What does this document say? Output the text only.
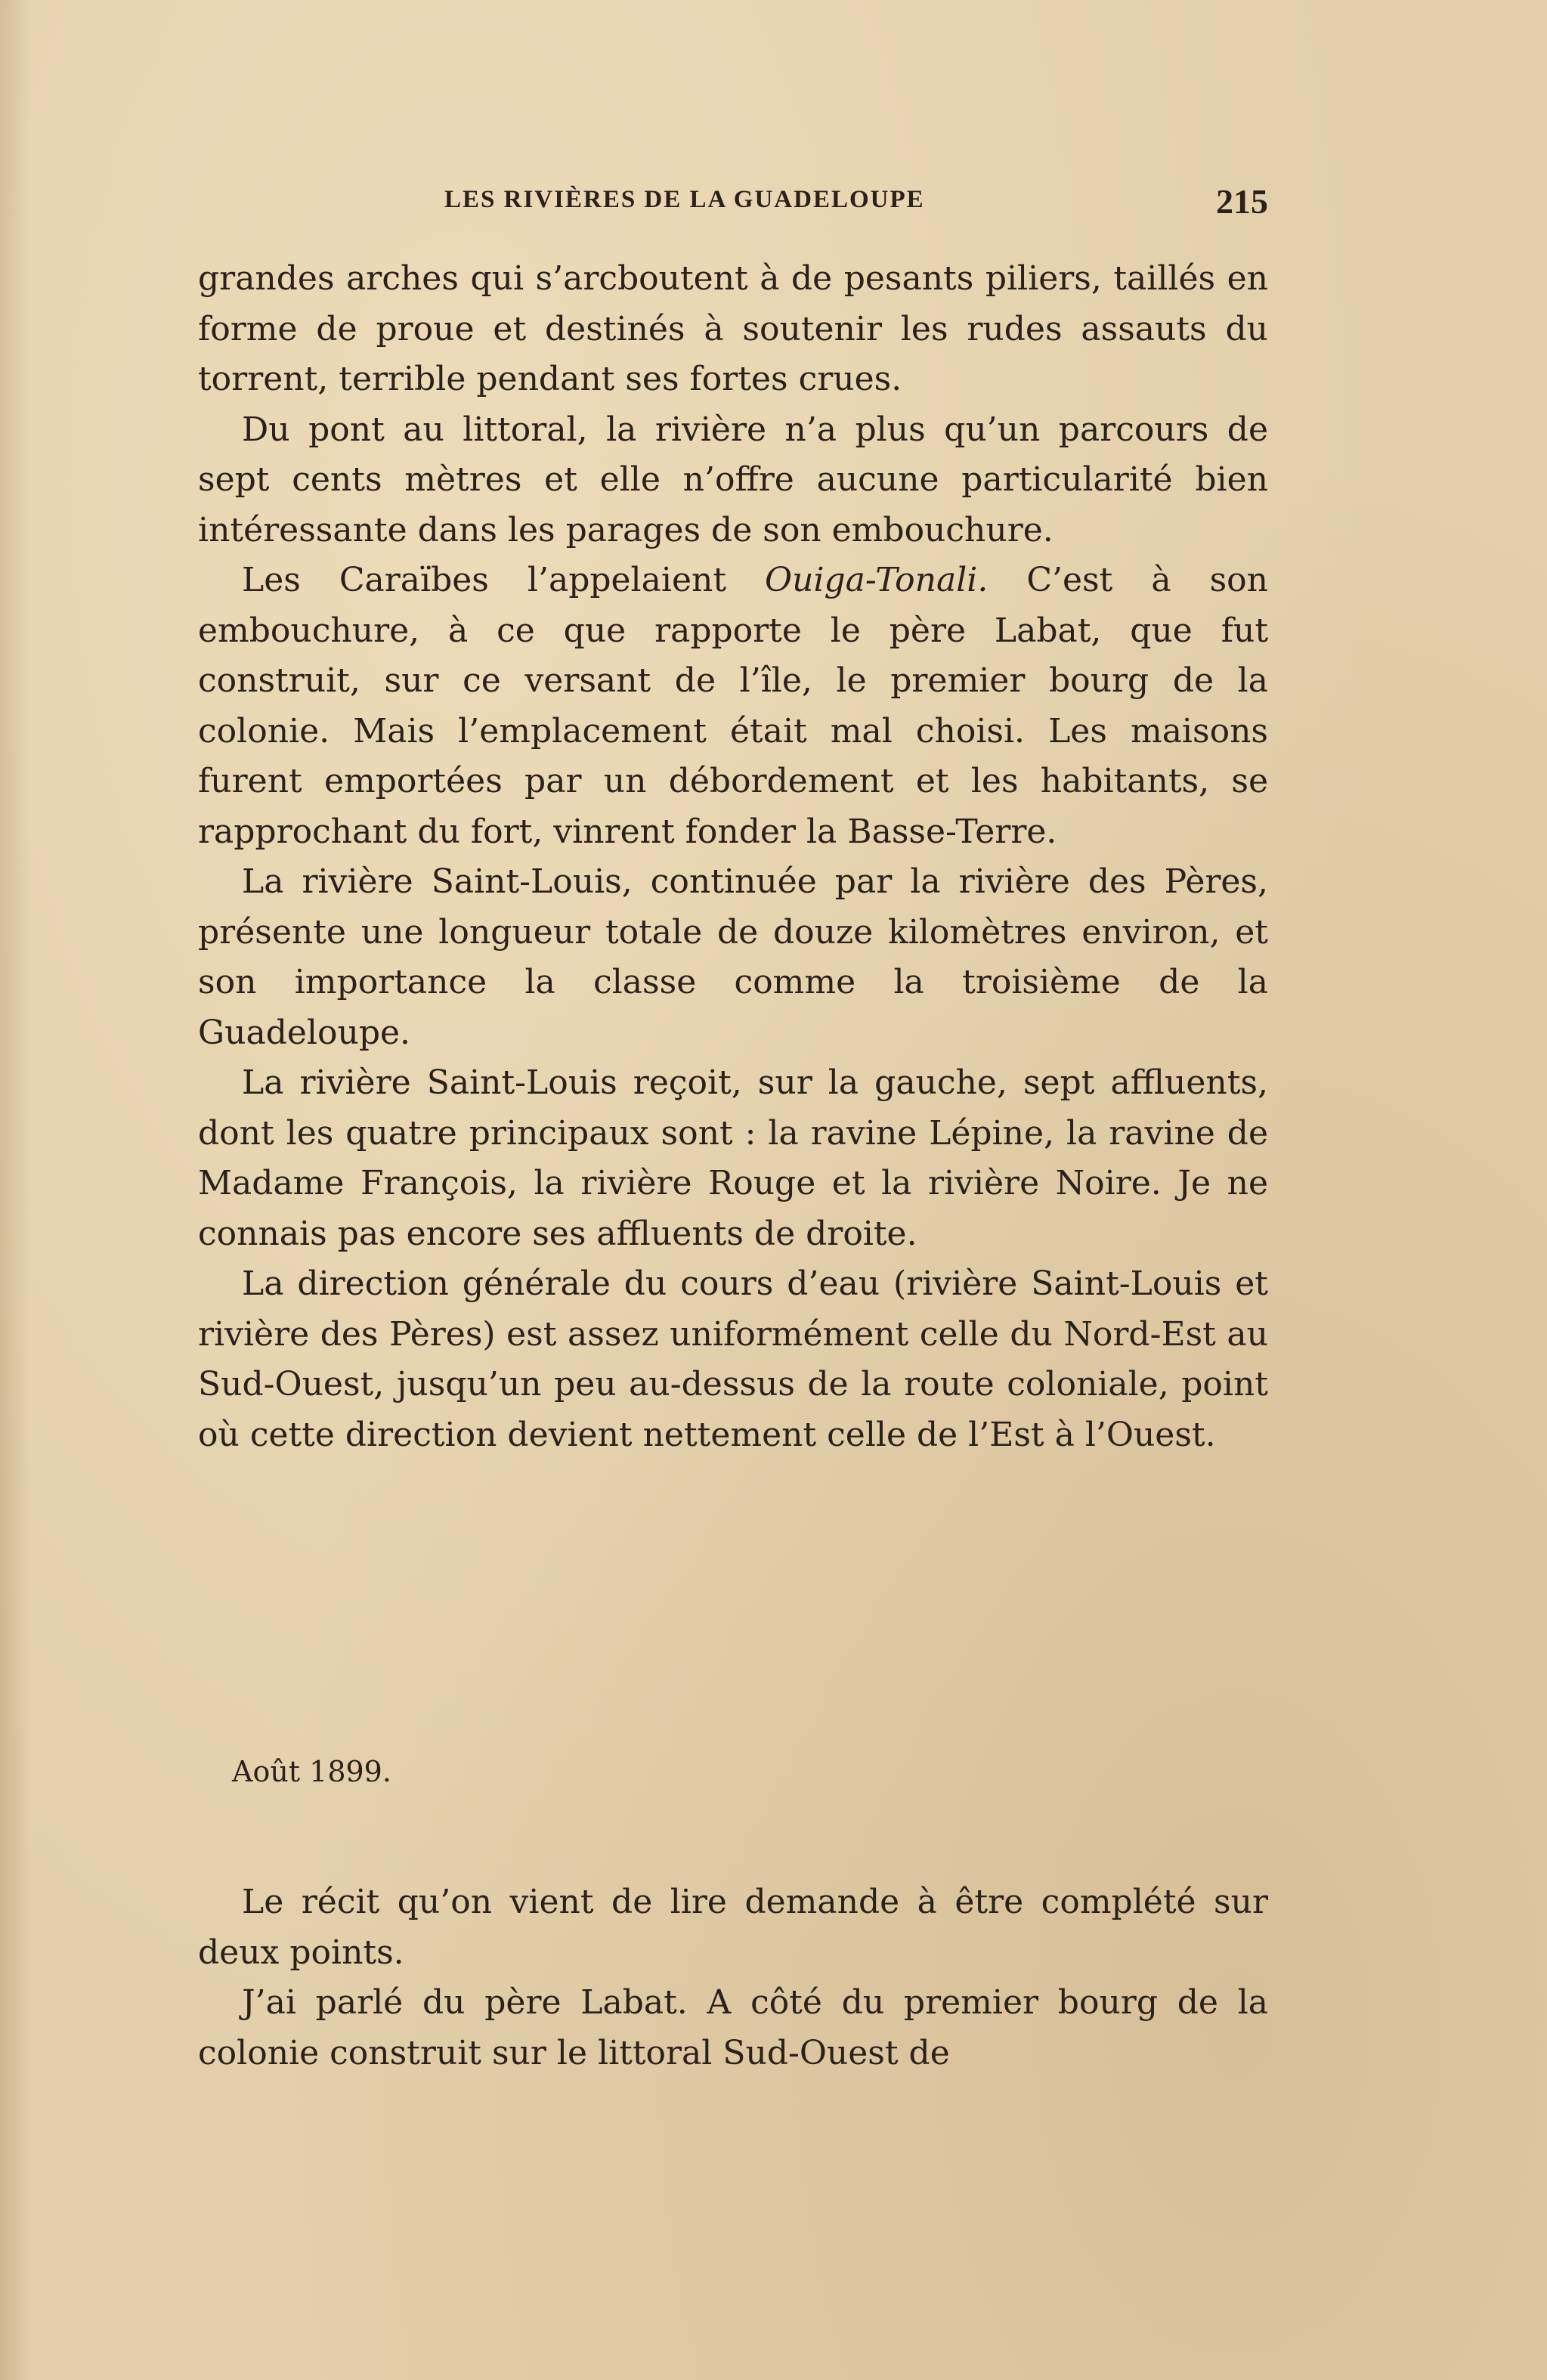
LES RIVIÈRES DE LA GUADELOUPE	215

grandes arches qui s’arcboutent à de pesants piliers, taillés en forme de proue et destinés à soutenir les rudes assauts du torrent, terrible pendant ses fortes crues.

Du pont au littoral, la rivière n’a plus qu’un parcours de sept cents mètres et elle n’offre aucune particularité bien intéressante dans les parages de son embouchure.

Les Caraïbes l’appelaient Ouiga-Tonali. C’est à son embouchure, à ce que rapporte le père Labat, que fut construit, sur ce versant de l’île, le premier bourg de la colonie. Mais l’emplacement était mal choisi. Les maisons furent emportées par un débordement et les habitants, se rapprochant du fort, vinrent fonder la Basse-Terre.

La rivière Saint-Louis, continuée par la rivière des Pères, présente une longueur totale de douze kilomètres environ, et son importance la classe comme la troisième de la Guadeloupe.

La rivière Saint-Louis reçoit, sur la gauche, sept affluents, dont les quatre principaux sont : la ravine Lépine, la ravine de Madame François, la rivière Rouge et la rivière Noire. Je ne connais pas encore ses affluents de droite.

La direction générale du cours d’eau (rivière Saint-Louis et rivière des Pères) est assez uniformément celle du Nord-Est au Sud-Ouest, jusqu’un peu au-dessus de la route coloniale, point où cette direction devient nettement celle de l’Est à l’Ouest.

Août 1899.

Le récit qu’on vient de lire demande à être complété sur deux points.

J’ai parlé du père Labat. A côté du premier bourg de la colonie construit sur le littoral Sud-Ouest de
